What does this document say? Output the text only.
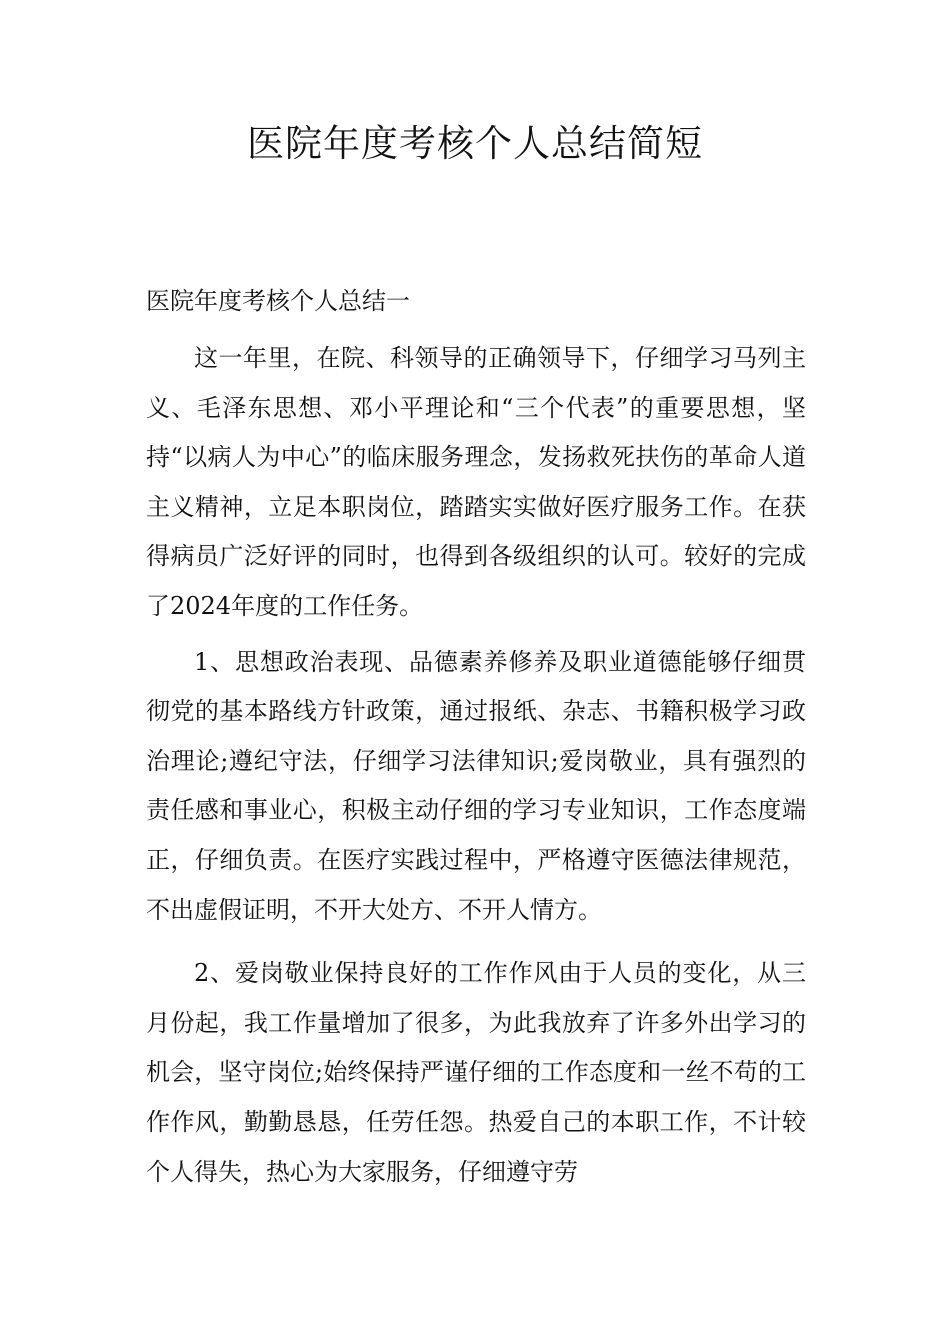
医院年度考核个人总结简短
医院年度考核个人总结一

这一年里，在院、科领导的正确领导下，仔细学习马列主义、毛泽东思想、邓小平理论和“三个代表”的重要思想，坚持“以病人为中心”的临床服务理念，发扬救死扶伤的革命人道主义精神，立足本职岗位，踏踏实实做好医疗服务工作。在获得病员广泛好评的同时，也得到各级组织的认可。较好的完成了2024年度的工作任务。

1、思想政治表现、品德素养修养及职业道德能够仔细贯彻党的基本路线方针政策，通过报纸、杂志、书籍积极学习政治理论;遵纪守法，仔细学习法律知识;爱岗敬业，具有强烈的责任感和事业心，积极主动仔细的学习专业知识，工作态度端正，仔细负责。在医疗实践过程中，严格遵守医德法律规范，不出虚假证明，不开大处方、不开人情方。

2、爱岗敬业保持良好的工作作风由于人员的变化，从三月份起，我工作量增加了很多，为此我放弃了许多外出学习的机会，坚守岗位;始终保持严谨仔细的工作态度和一丝不苟的工作作风，勤勤恳恳，任劳任怨。热爱自己的本职工作，不计较个人得失，热心为大家服务，仔细遵守劳
